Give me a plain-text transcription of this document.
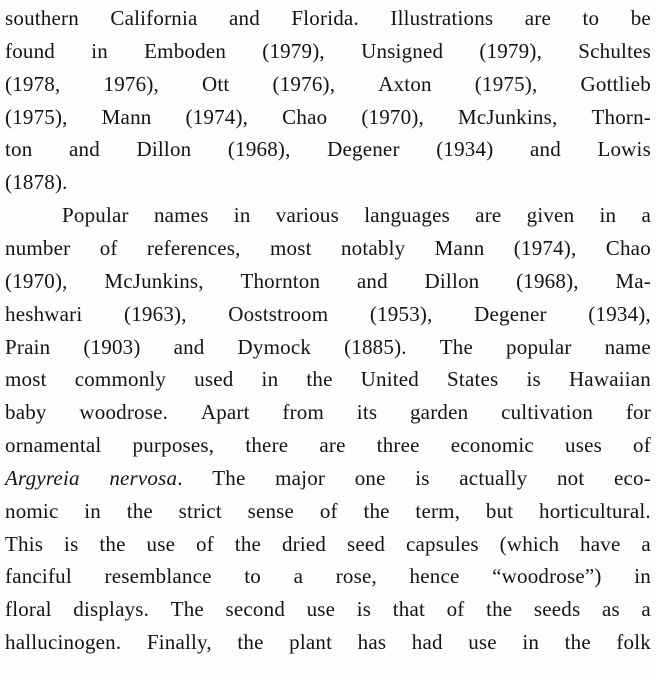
southern California and Florida. Illustrations are to be
found in Emboden (1979), Unsigned (1979), Schultes
(1978, 1976), Ott (1976), Axton (1975), Gottlieb
(1975), Mann (1974), Chao (1970), McJunkins, Thorn-
ton and Dillon (1968), Degener (1934) and Lowis
(1878).
Popular names in various languages are given in a
number of references, most notably Mann (1974), Chao
(1970), McJunkins, Thornton and Dillon (1968), Ma-
heshwari (1963), Ooststroom (1953), Degener (1934),
Prain (1903) and Dymock (1885). The popular name
most commonly used in the United States is Hawaiian
baby woodrose. Apart from its garden cultivation for
ornamental purposes, there are three economic uses of
Argyreia nervosa. The major one is actually not eco-
nomic in the strict sense of the term, but horticultural.
This is the use of the dried seed capsules (which have a
fanciful resemblance to a rose, hence “woodrose”) in
floral displays. The second use is that of the seeds as a
hallucinogen. Finally, the plant has had use in the folk
